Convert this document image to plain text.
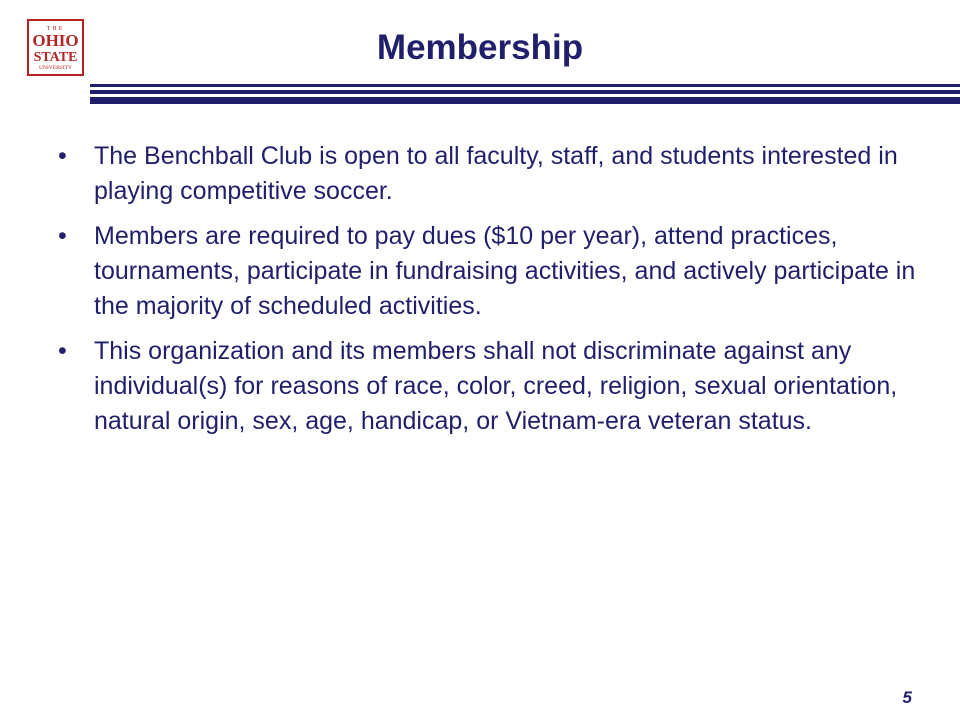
THE
OHIO
STATE
UNIVERSITY
Membership
• The Benchball Club is open to all faculty, staff, and students interested in playing competitive soccer.
• Members are required to pay dues ($10 per year), attend practices, tournaments, participate in fundraising activities, and actively participate in the majority of scheduled activities.
• This organization and its members shall not discriminate against any individual(s) for reasons of race, color, creed, religion, sexual orientation, natural origin, sex, age, handicap, or Vietnam-era veteran status.
5
